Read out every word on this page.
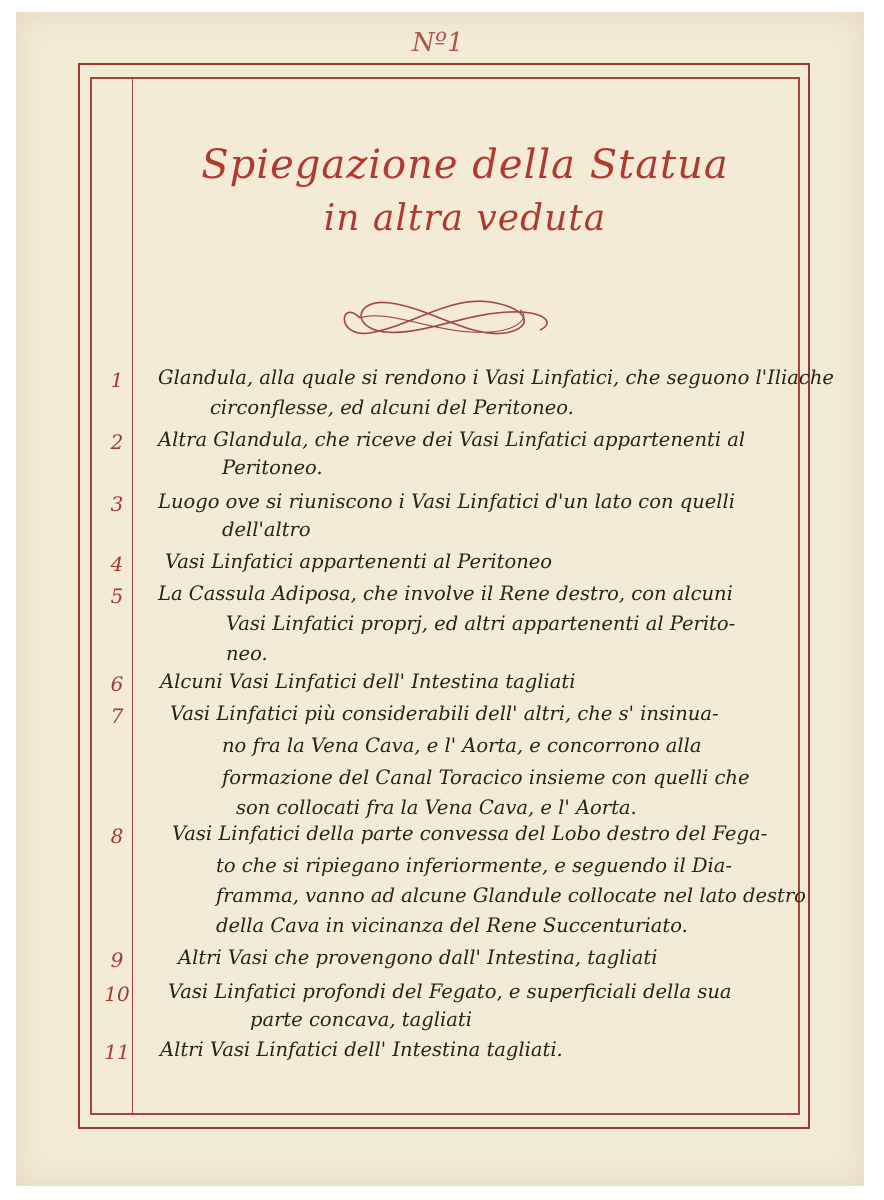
Nº1
Spiegazione della Statua
in altra veduta
1	Glandula, alla quale si rendono i Vasi Linfatici, che seguono l'Iliache
circonflesse, ed alcuni del Peritoneo.
2	Altra Glandula, che riceve dei Vasi Linfatici appartenenti al
Peritoneo.
3	Luogo ove si riuniscono i Vasi Linfatici d'un lato con quelli
dell'altro
4	Vasi Linfatici appartenenti al Peritoneo
5	La Cassula Adiposa, che involve il Rene destro, con alcuni
Vasi Linfatici proprj, ed altri appartenenti al Perito-
neo.
6	Alcuni Vasi Linfatici dell' Intestina tagliati
7	Vasi Linfatici più considerabili dell' altri, che s' insinua-
no fra la Vena Cava, e l' Aorta, e concorrono alla
formazione del Canal Toracico insieme con quelli che
son collocati fra la Vena Cava, e l' Aorta.
8	Vasi Linfatici della parte convessa del Lobo destro del Fega-
to che si ripiegano inferiormente, e seguendo il Dia-
framma, vanno ad alcune Glandule collocate nel lato destro
della Cava in vicinanza del Rene Succenturiato.
9	Altri Vasi che provengono dall' Intestina, tagliati
10	Vasi Linfatici profondi del Fegato, e superficiali della sua
parte concava, tagliati
11	Altri Vasi Linfatici dell' Intestina tagliati.
